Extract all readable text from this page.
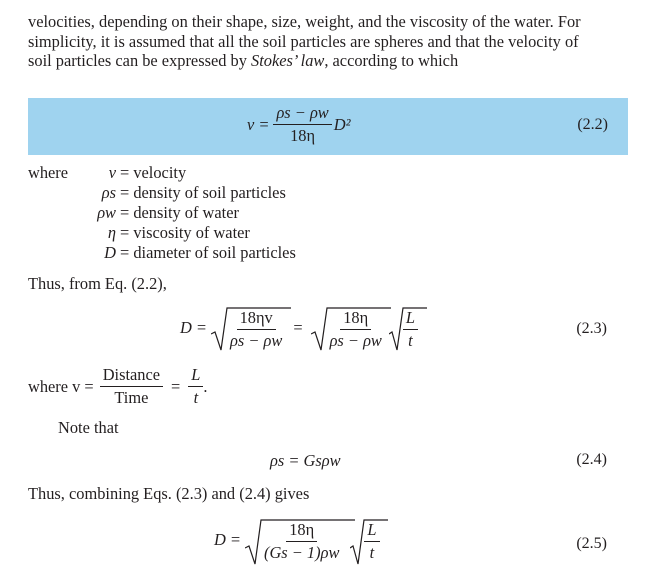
velocities, depending on their shape, size, weight, and the viscosity of the water. For

simplicity, it is assumed that all the soil particles are spheres and that the velocity of

soil particles can be expressed by Stokes’ law, according to which

$v = \frac{\rho s - \rho w}{18\eta} D^2$	(2.2)
where	v = velocity
ρs = density of soil particles
ρw = density of water
η = viscosity of water
D = diameter of soil particles
Thus, from Eq. (2.2),
$D = \frac{18\eta v}{\rho s - \rho w} = \frac{18\eta}{\rho s - \rho w} \frac{L}{t}$	(2.3)
where $v = \frac{\text{Distance}}{\text{Time}} = \frac{L}{t}$ .
Note that
ρs = Gsρw	(2.4)
Thus, combining Eqs. (2.3) and (2.4) gives
$D = \frac{18\eta}{(Gs - 1)\rho w} \frac{L}{t}$	(2.5)
